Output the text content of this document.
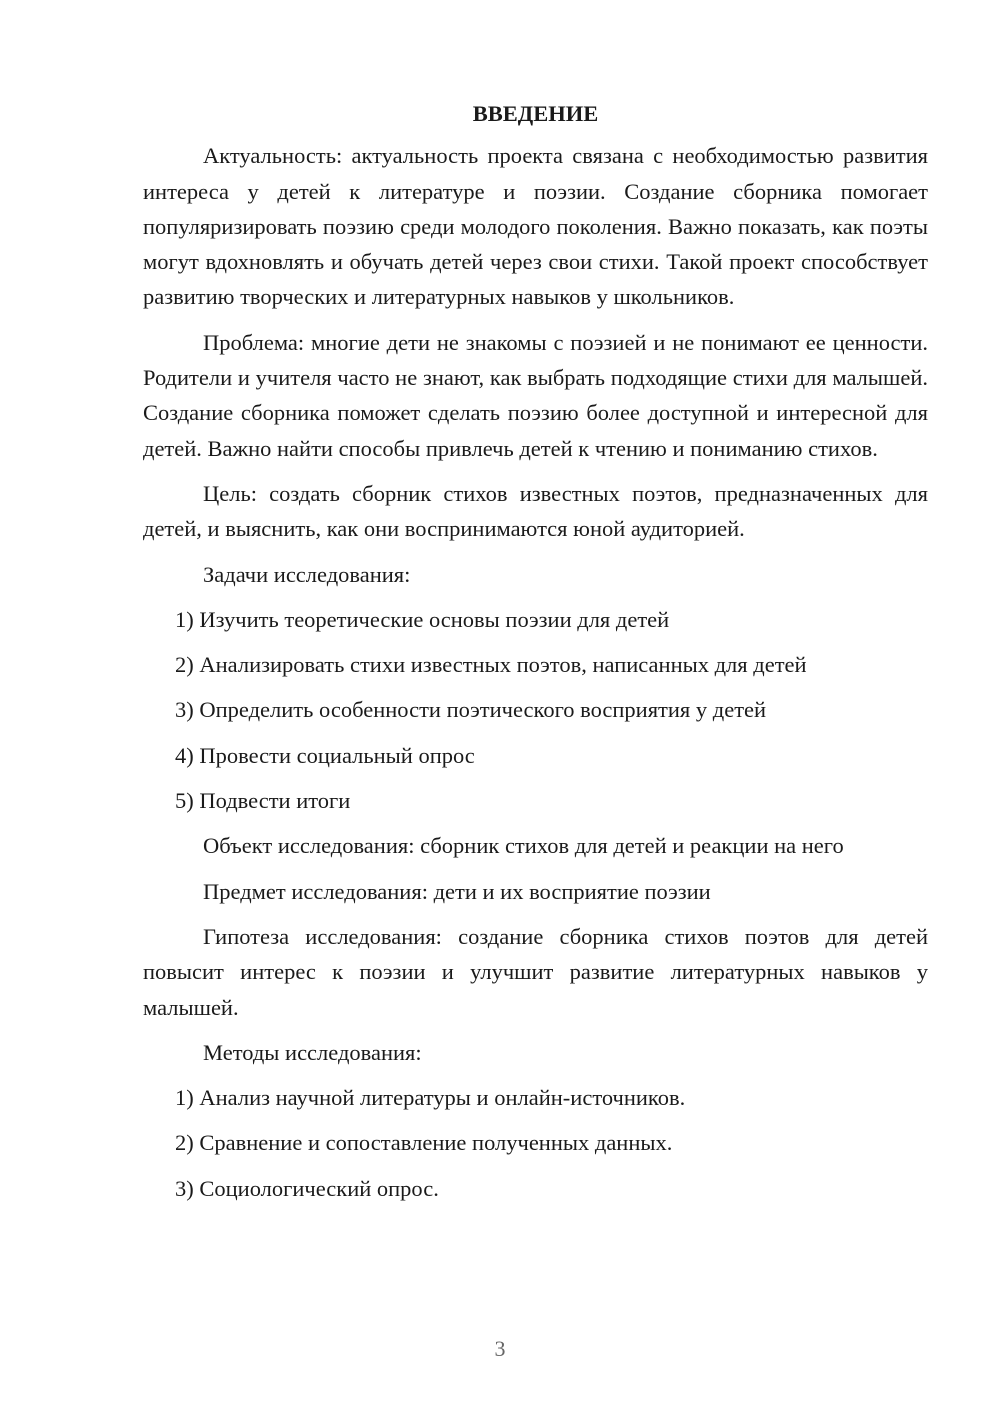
ВВЕДЕНИЕ
Актуальность: актуальность проекта связана с необходимостью развития интереса у детей к литературе и поэзии. Создание сборника помогает популяризировать поэзию среди молодого поколения. Важно показать, как поэты могут вдохновлять и обучать детей через свои стихи. Такой проект способствует развитию творческих и литературных навыков у школьников.
Проблема: многие дети не знакомы с поэзией и не понимают ее ценности. Родители и учителя часто не знают, как выбрать подходящие стихи для малышей. Создание сборника поможет сделать поэзию более доступной и интересной для детей. Важно найти способы привлечь детей к чтению и пониманию стихов.
Цель: создать сборник стихов известных поэтов, предназначенных для детей, и выяснить, как они воспринимаются юной аудиторией.
Задачи исследования:
1) Изучить теоретические основы поэзии для детей
2) Анализировать стихи известных поэтов, написанных для детей
3) Определить особенности поэтического восприятия у детей
4) Провести социальный опрос
5) Подвести итоги
Объект исследования: сборник стихов для детей и реакции на него
Предмет исследования: дети и их восприятие поэзии
Гипотеза исследования: создание сборника стихов поэтов для детей повысит интерес к поэзии и улучшит развитие литературных навыков у малышей.
Методы исследования:
1) Анализ научной литературы и онлайн-источников.
2) Сравнение и сопоставление полученных данных.
3) Социологический опрос.
3
